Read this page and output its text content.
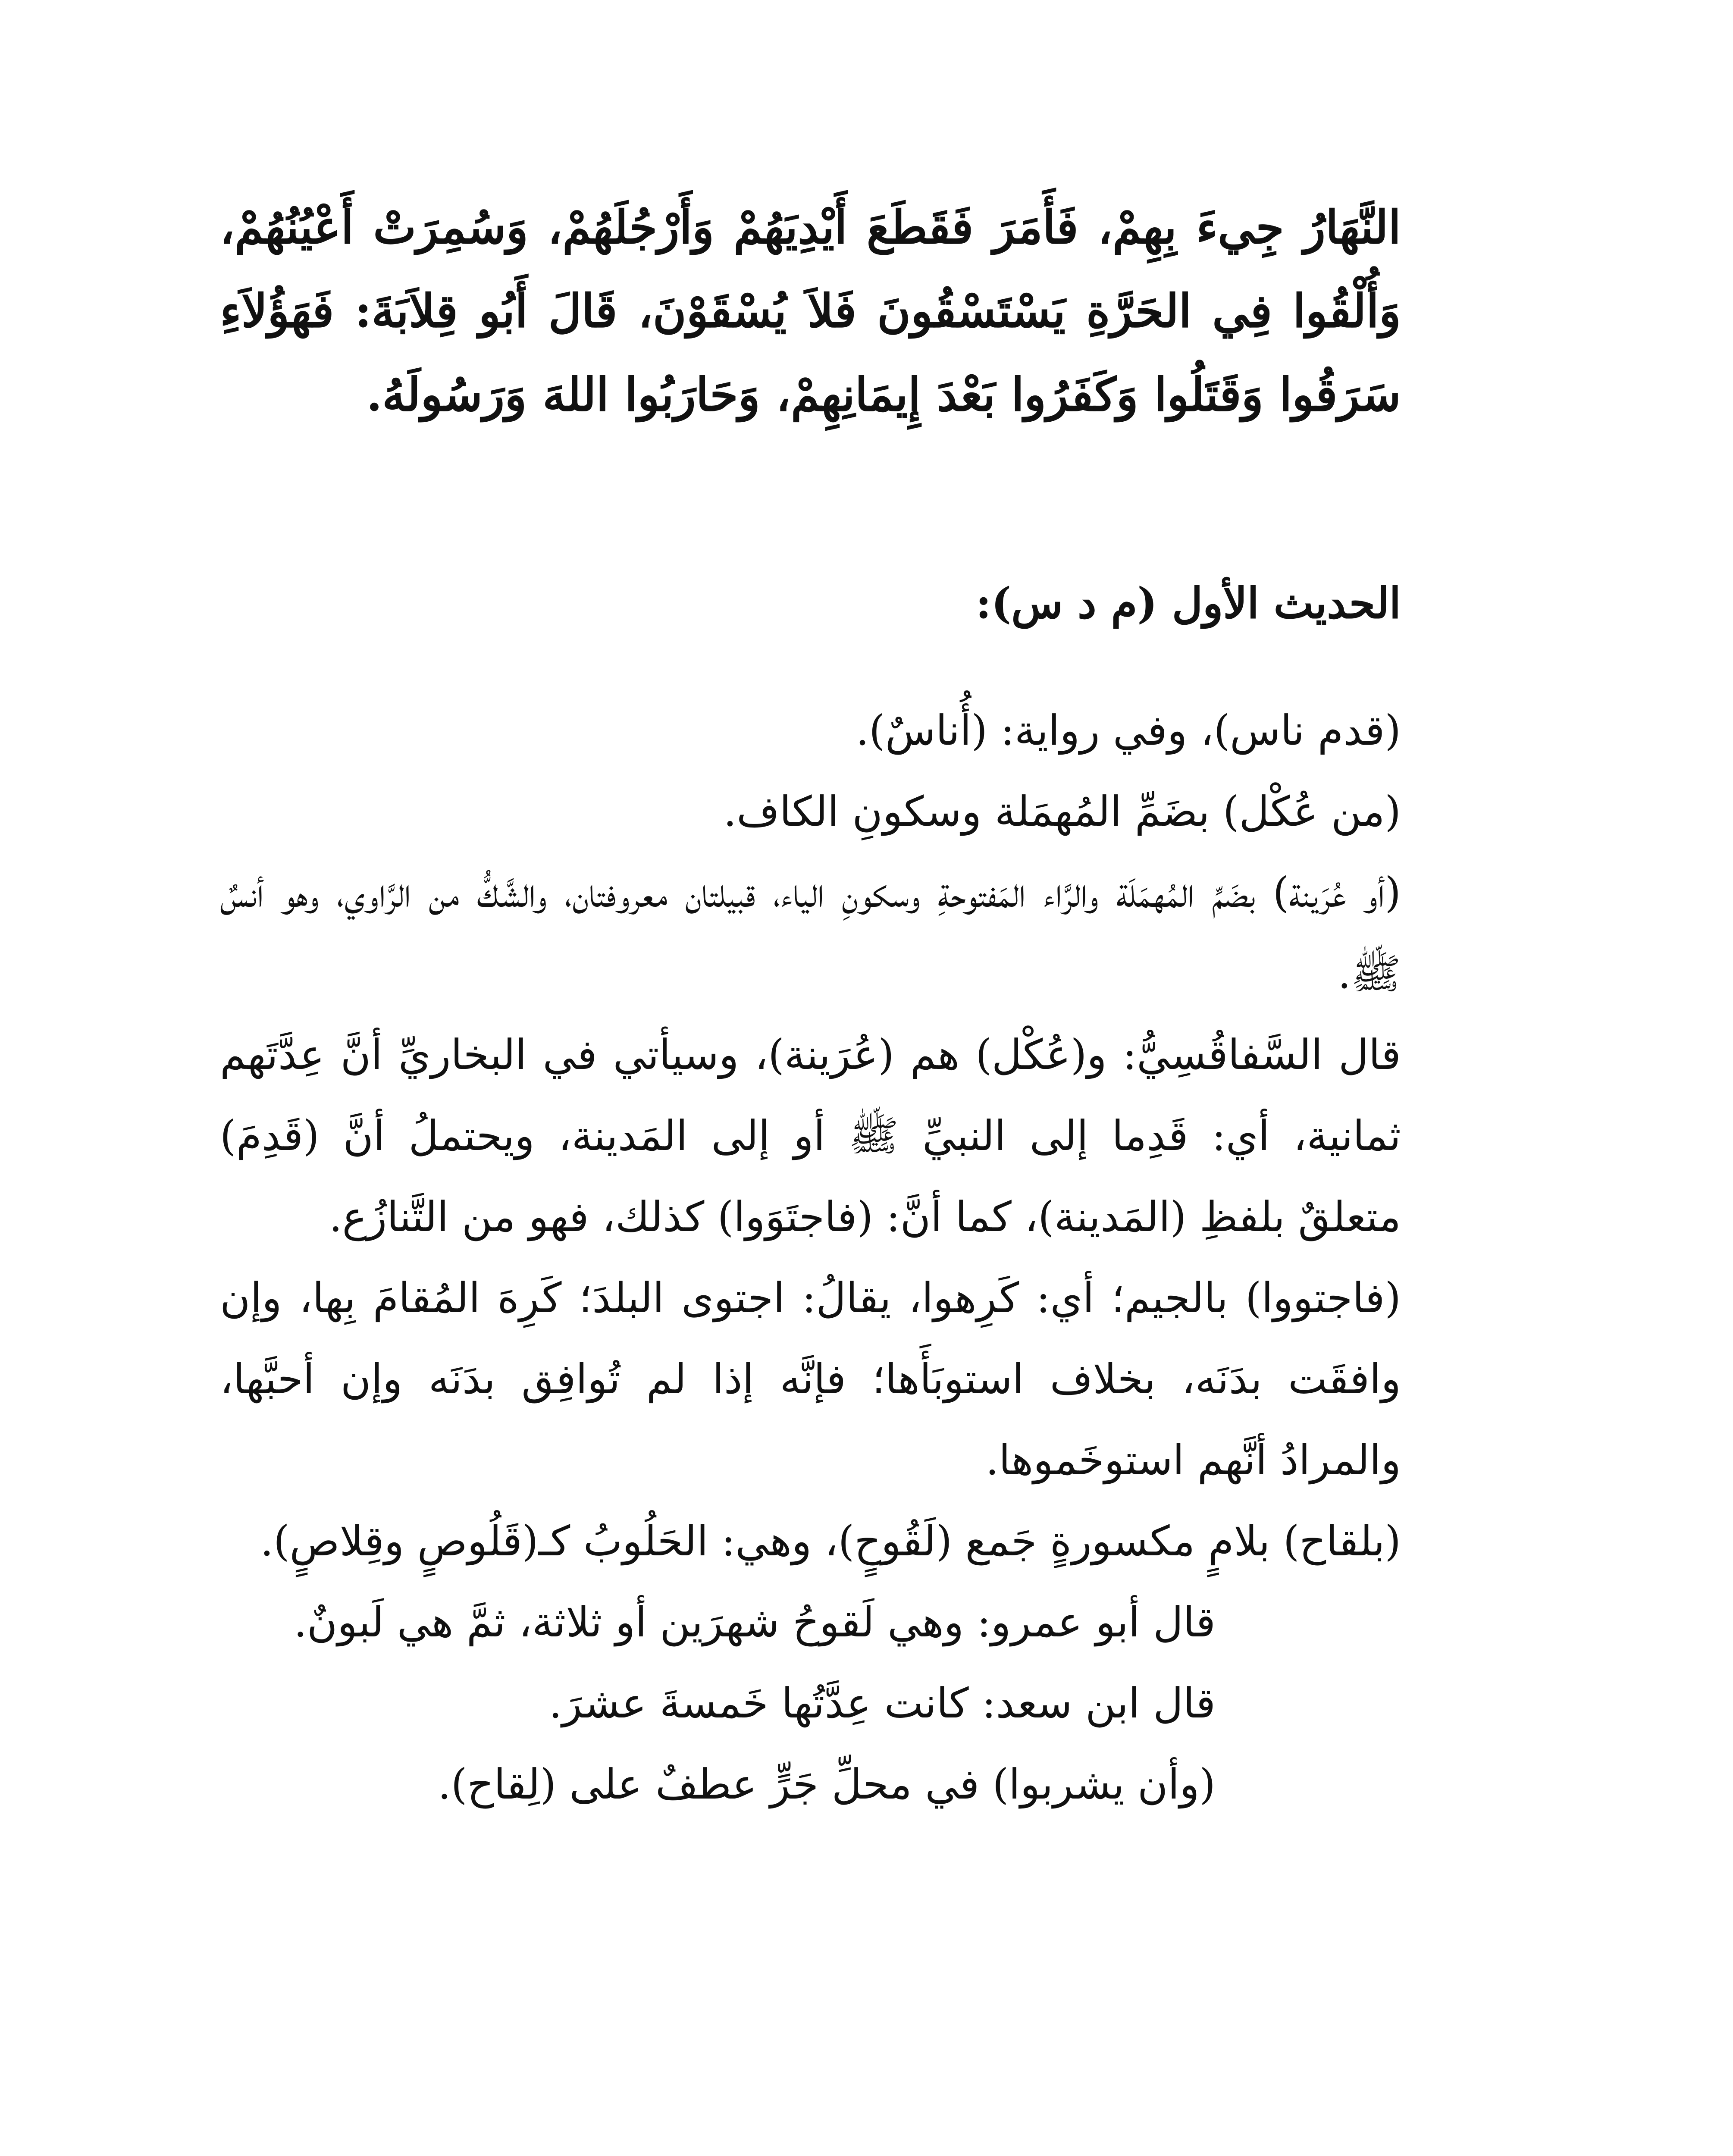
النَّهَارُ جِيءَ بِهِمْ، فَأَمَرَ فَقَطَعَ أَيْدِيَهُمْ وَأَرْجُلَهُمْ، وَسُمِرَتْ أَعْيُنُهُمْ، وَأُلْقُوا فِي الحَرَّةِ يَسْتَسْقُونَ فَلاَ يُسْقَوْنَ، قَالَ أَبُو قِلاَبَةَ: فَهَؤُلاَءِ سَرَقُوا وَقَتَلُوا وَكَفَرُوا بَعْدَ إِيمَانِهِمْ، وَحَارَبُوا اللهَ وَرَسُولَهُ.

الحديث الأول (م د س):

(قدم ناس)، وفي رواية: (أُناسٌ).

(من عُكْل) بضَمِّ المُهمَلة وسكونِ الكاف.

(أو عُرَينة) بضَمِّ المُهمَلَة والرَّاء المَفتوحةِ وسكونِ الياء، قبيلتان معروفتان، والشَّكُّ من الرَّاوي، وهو أنسٌ ﷺ.

قال السَّفاقُسِيُّ: و(عُكْل) هم (عُرَينة)، وسيأتي في البخاريِّ أنَّ عِدَّتَهم ثمانية، أي: قَدِما إلى النبيِّ ﷺ أو إلى المَدينة، ويحتملُ أنَّ (قَدِمَ) متعلقٌ بلفظِ (المَدينة)، كما أنَّ: (فاجتَوَوا) كذلك، فهو من التَّنازُع.

(فاجتووا) بالجيم؛ أي: كَرِهوا، يقالُ: اجتوى البلدَ؛ كَرِهَ المُقامَ بِها، وإن وافقَت بدَنَه، بخلاف استوبَأَها؛ فإنَّه إذا لم تُوافِق بدَنَه وإن أحبَّها، والمرادُ أنَّهم استوخَموها.

(بلقاح) بلامٍ مكسورةٍ جَمع (لَقُوحٍ)، وهي: الحَلُوبُ كـ(قَلُوصٍ وقِلاصٍ).

قال أبو عمرو: وهي لَقوحُ شهرَين أو ثلاثة، ثمَّ هي لَبونٌ.

قال ابن سعد: كانت عِدَّتُها خَمسةَ عشرَ.

(وأن يشربوا) في محلِّ جَرٍّ عطفٌ على (لِقاح).
